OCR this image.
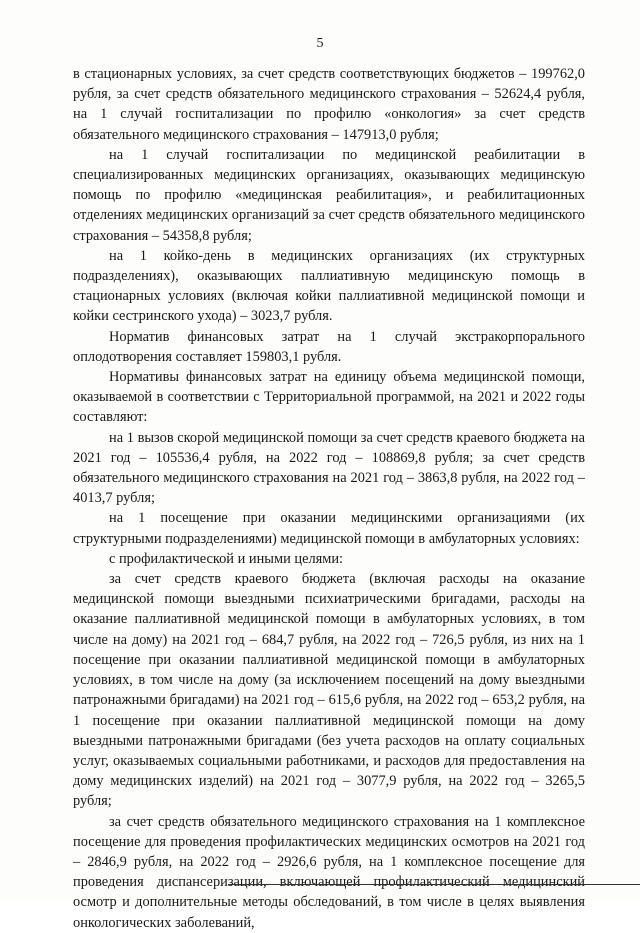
5

в стационарных условиях, за счет средств соответствующих бюджетов – 199762,0 рубля, за счет средств обязательного медицинского страхования – 52624,4 рубля, на 1 случай госпитализации по профилю «онкология» за счет средств обязательного медицинского страхования – 147913,0 рубля;

на 1 случай госпитализации по медицинской реабилитации в специализированных медицинских организациях, оказывающих медицинскую помощь по профилю «медицинская реабилитация», и реабилитационных отделениях медицинских организаций за счет средств обязательного медицинского страхования – 54358,8 рубля;

на 1 койко-день в медицинских организациях (их структурных подразделениях), оказывающих паллиативную медицинскую помощь в стационарных условиях (включая койки паллиативной медицинской помощи и койки сестринского ухода) – 3023,7 рубля.

Норматив финансовых затрат на 1 случай экстракорпорального оплодотворения составляет 159803,1 рубля.

Нормативы финансовых затрат на единицу объема медицинской помощи, оказываемой в соответствии с Территориальной программой, на 2021 и 2022 годы составляют:

на 1 вызов скорой медицинской помощи за счет средств краевого бюджета на 2021 год – 105536,4 рубля, на 2022 год – 108869,8 рубля; за счет средств обязательного медицинского страхования на 2021 год – 3863,8 рубля, на 2022 год – 4013,7 рубля;

на 1 посещение при оказании медицинскими организациями (их структурными подразделениями) медицинской помощи в амбулаторных условиях:

с профилактической и иными целями:

за счет средств краевого бюджета (включая расходы на оказание медицинской помощи выездными психиатрическими бригадами, расходы на оказание паллиативной медицинской помощи в амбулаторных условиях, в том числе на дому) на 2021 год – 684,7 рубля, на 2022 год – 726,5 рубля, из них на 1 посещение при оказании паллиативной медицинской помощи в амбулаторных условиях, в том числе на дому (за исключением посещений на дому выездными патронажными бригадами) на 2021 год – 615,6 рубля, на 2022 год – 653,2 рубля, на 1 посещение при оказании паллиативной медицинской помощи на дому выездными патронажными бригадами (без учета расходов на оплату социальных услуг, оказываемых социальными работниками, и расходов для предоставления на дому медицинских изделий) на 2021 год – 3077,9 рубля, на 2022 год – 3265,5 рубля;

за счет средств обязательного медицинского страхования на 1 комплексное посещение для проведения профилактических медицинских осмотров на 2021 год – 2846,9 рубля, на 2022 год – 2926,6 рубля, на 1 комплексное посещение для проведения диспансеризации, включающей профилактический медицинский осмотр и дополнительные методы обследований, в том числе в целях выявления онкологических заболеваний,
